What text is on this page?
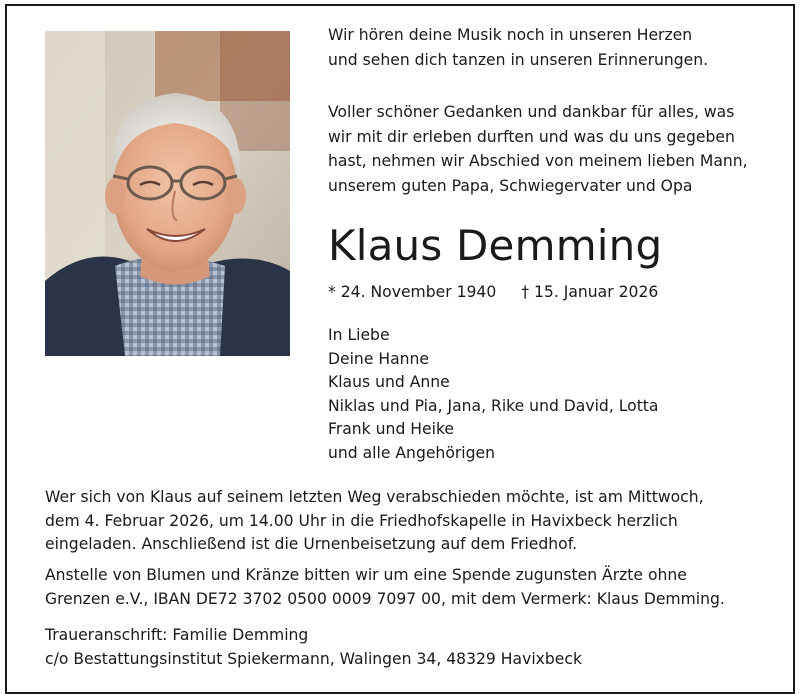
Wir hören deine Musik noch in unseren Herzen
und sehen dich tanzen in unseren Erinnerungen.

Voller schöner Gedanken und dankbar für alles, was
wir mit dir erleben durften und was du uns gegeben
hast, nehmen wir Abschied von meinem lieben Mann,
unserem guten Papa, Schwiegervater und Opa

Klaus Demming
* 24. November 1940 † 15. Januar 2026
In Liebe
Deine Hanne
Klaus und Anne
Niklas und Pia, Jana, Rike und David, Lotta
Frank und Heike
und alle Angehörigen

Wer sich von Klaus auf seinem letzten Weg verabschieden möchte, ist am Mittwoch,
dem 4. Februar 2026, um 14.00 Uhr in die Friedhofskapelle in Havixbeck herzlich
eingeladen. Anschließend ist die Urnenbeisetzung auf dem Friedhof.

Anstelle von Blumen und Kränze bitten wir um eine Spende zugunsten Ärzte ohne
Grenzen e.V., IBAN DE72 3702 0500 0009 7097 00, mit dem Vermerk: Klaus Demming.

Traueranschrift: Familie Demming
c/o Bestattungsinstitut Spiekermann, Walingen 34, 48329 Havixbeck
